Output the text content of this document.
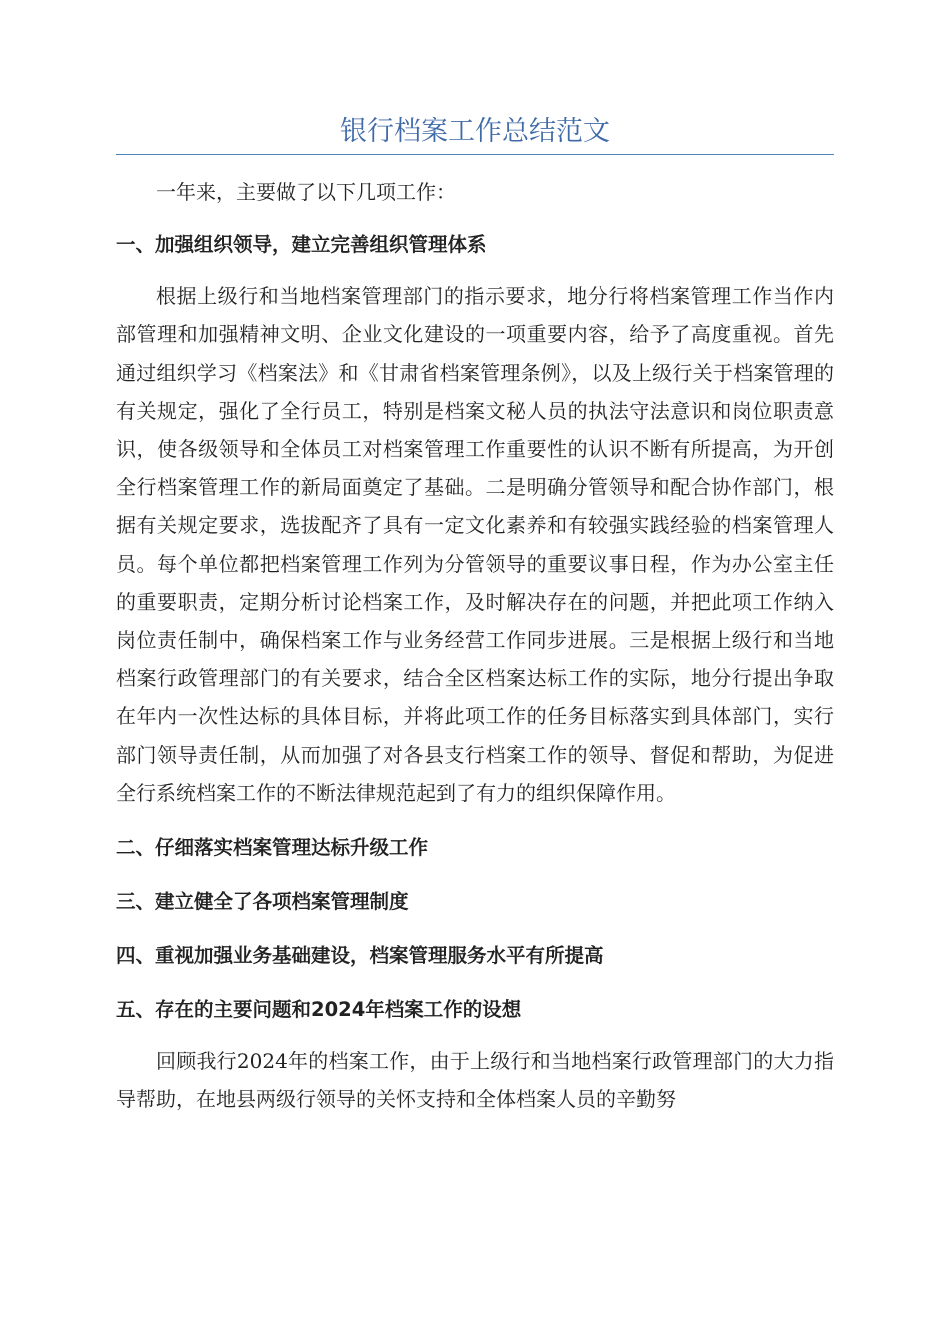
银行档案工作总结范文

一年来，主要做了以下几项工作：

一、加强组织领导，建立完善组织管理体系

根据上级行和当地档案管理部门的指示要求，地分行将档案管理工作当作内部管理和加强精神文明、企业文化建设的一项重要内容，给予了高度重视。首先通过组织学习《档案法》和《甘肃省档案管理条例》，以及上级行关于档案管理的有关规定，强化了全行员工，特别是档案文秘人员的执法守法意识和岗位职责意识，使各级领导和全体员工对档案管理工作重要性的认识不断有所提高，为开创全行档案管理工作的新局面奠定了基础。二是明确分管领导和配合协作部门，根据有关规定要求，选拔配齐了具有一定文化素养和有较强实践经验的档案管理人员。每个单位都把档案管理工作列为分管领导的重要议事日程，作为办公室主任的重要职责，定期分析讨论档案工作，及时解决存在的问题，并把此项工作纳入岗位责任制中，确保档案工作与业务经营工作同步进展。三是根据上级行和当地档案行政管理部门的有关要求，结合全区档案达标工作的实际，地分行提出争取在年内一次性达标的具体目标，并将此项工作的任务目标落实到具体部门，实行部门领导责任制，从而加强了对各县支行档案工作的领导、督促和帮助，为促进全行系统档案工作的不断法律规范起到了有力的组织保障作用。

二、仔细落实档案管理达标升级工作
三、建立健全了各项档案管理制度
四、重视加强业务基础建设，档案管理服务水平有所提高
五、存在的主要问题和2024年档案工作的设想

回顾我行2024年的档案工作，由于上级行和当地档案行政管理部门的大力指导帮助，在地县两级行领导的关怀支持和全体档案人员的辛勤努
